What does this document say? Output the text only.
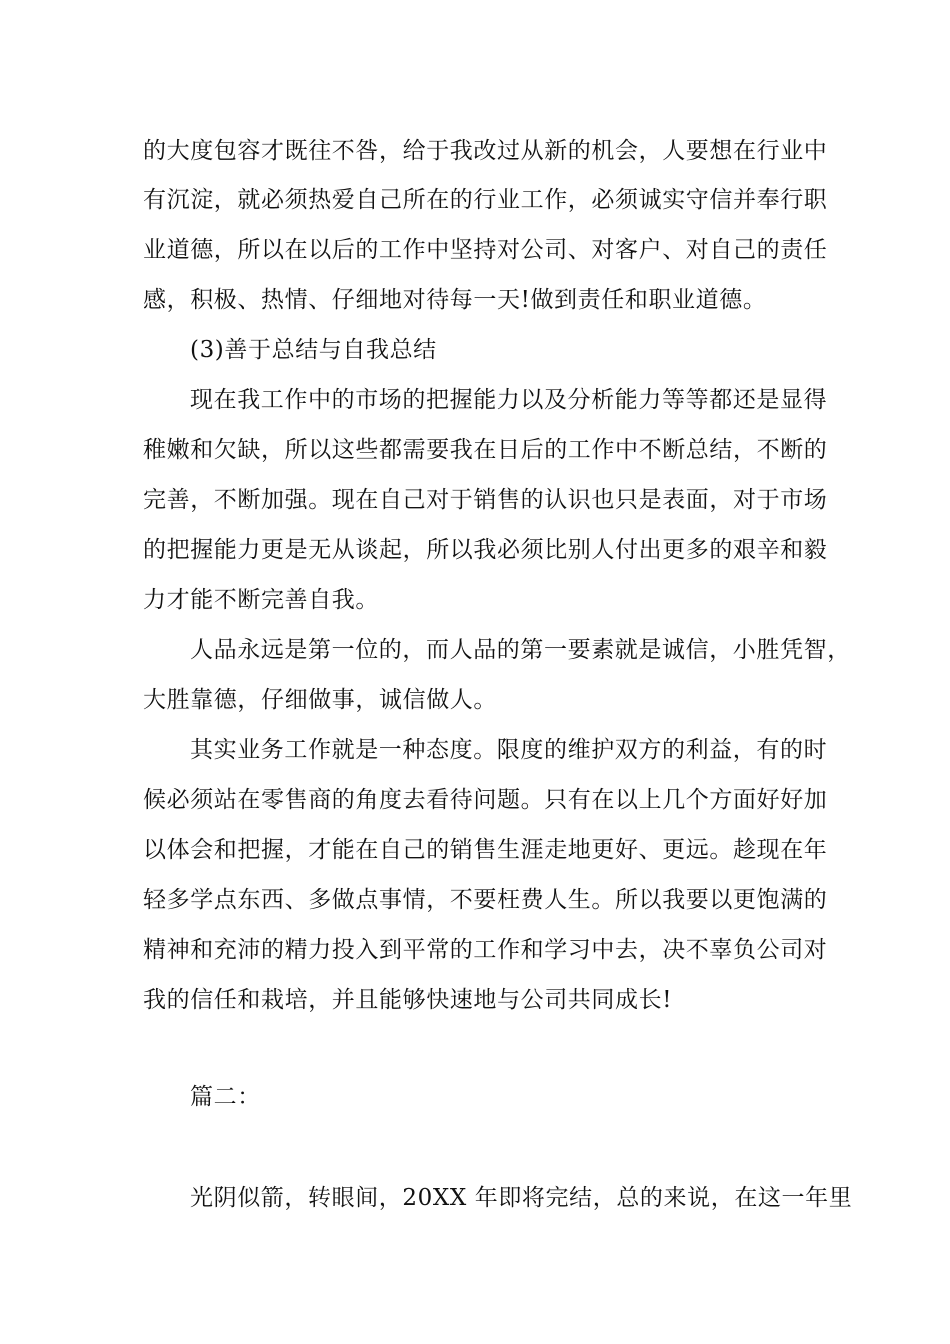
的大度包容才既往不咎，给于我改过从新的机会，人要想在行业中
有沉淀，就必须热爱自己所在的行业工作，必须诚实守信并奉行职
业道德，所以在以后的工作中坚持对公司、对客户、对自己的责任
感，积极、热情、仔细地对待每一天!做到责任和职业道德。
(3)善于总结与自我总结
现在我工作中的市场的把握能力以及分析能力等等都还是显得
稚嫩和欠缺，所以这些都需要我在日后的工作中不断总结，不断的
完善，不断加强。现在自己对于销售的认识也只是表面，对于市场
的把握能力更是无从谈起，所以我必须比别人付出更多的艰辛和毅
力才能不断完善自我。
人品永远是第一位的，而人品的第一要素就是诚信，小胜凭智，
大胜靠德，仔细做事，诚信做人。
其实业务工作就是一种态度。限度的维护双方的利益，有的时
候必须站在零售商的角度去看待问题。只有在以上几个方面好好加
以体会和把握，才能在自己的销售生涯走地更好、更远。趁现在年
轻多学点东西、多做点事情，不要枉费人生。所以我要以更饱满的
精神和充沛的精力投入到平常的工作和学习中去，决不辜负公司对
我的信任和栽培，并且能够快速地与公司共同成长!
篇二：
光阴似箭，转眼间，20XX 年即将完结，总的来说，在这一年里
